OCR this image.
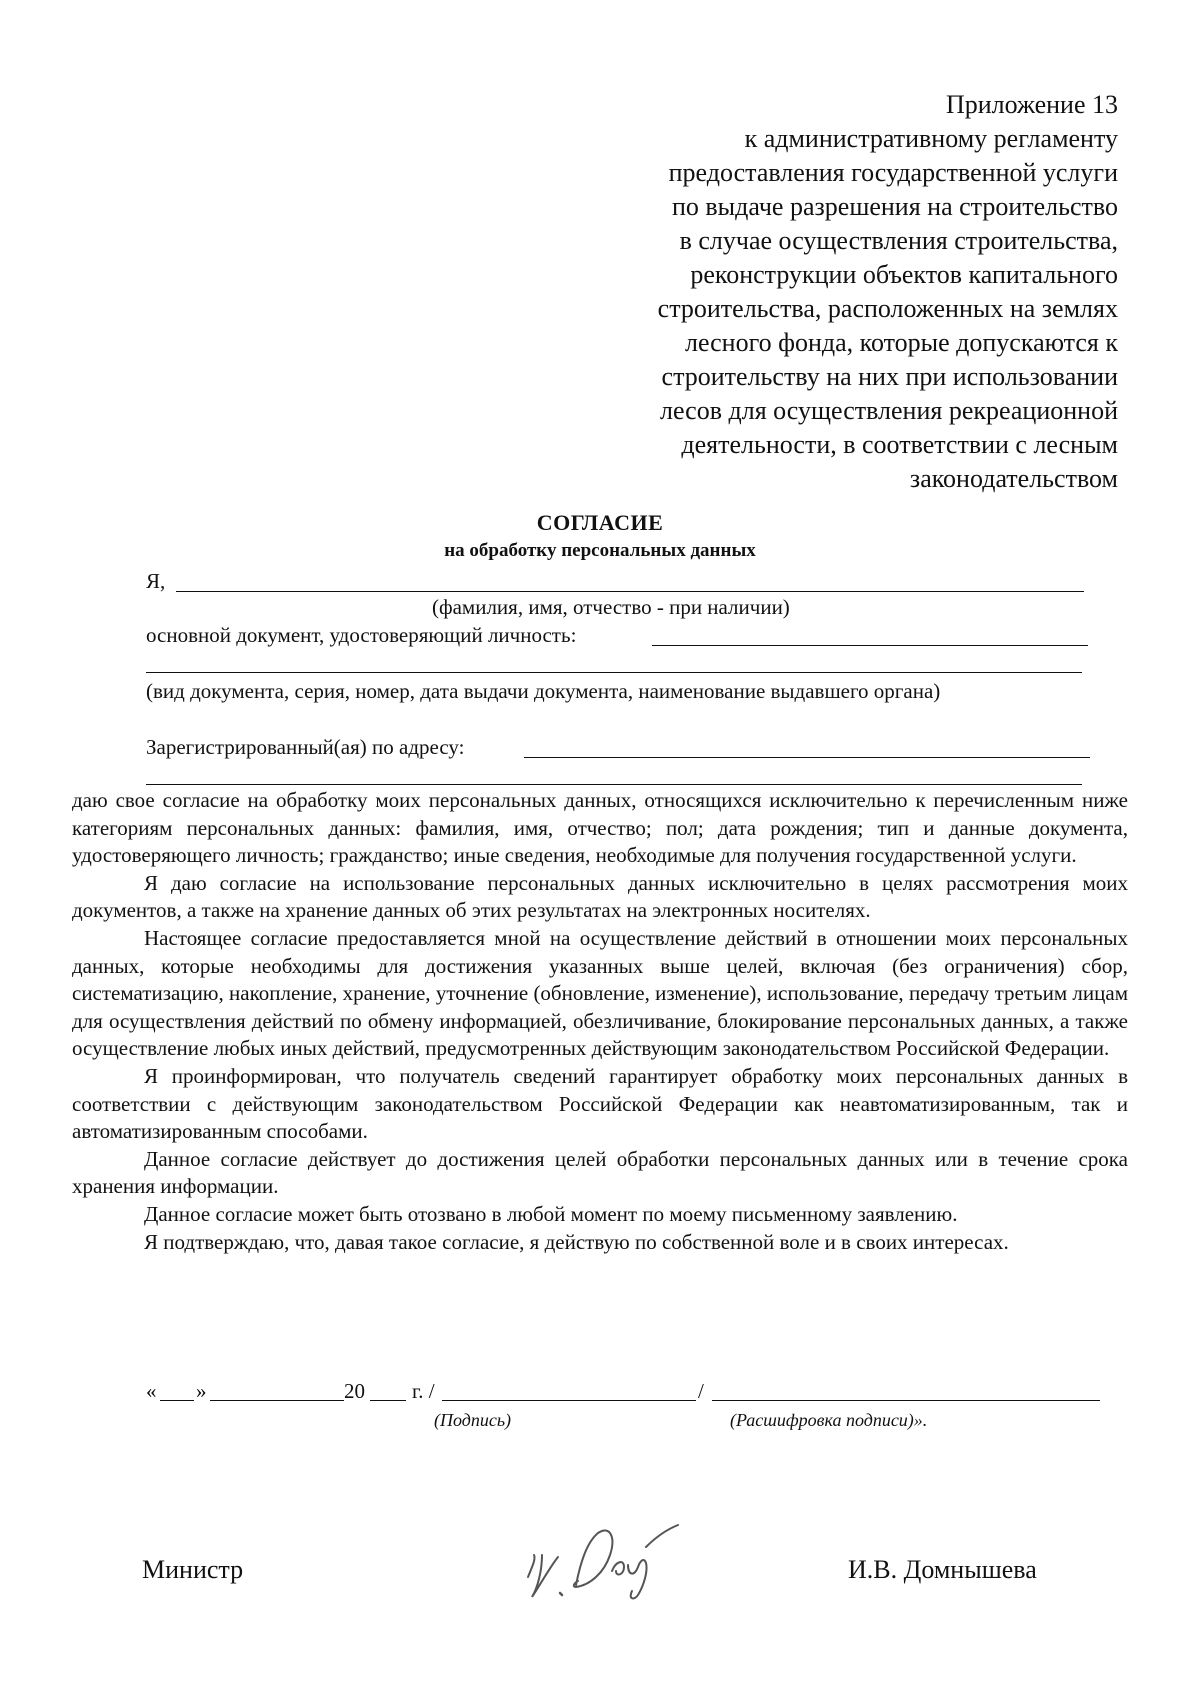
Приложение 13
к административному регламенту
предоставления государственной услуги
по выдаче разрешения на строительство
в случае осуществления строительства,
реконструкции объектов капитального
строительства, расположенных на землях
лесного фонда, которые допускаются к
строительству на них при использовании
лесов для осуществления рекреационной
деятельности, в соответствии с лесным
законодательством
СОГЛАСИЕ
на обработку персональных данных
Я,
(фамилия, имя, отчество - при наличии)
основной документ, удостоверяющий личность:
(вид документа, серия, номер, дата выдачи документа, наименование выдавшего органа)
Зарегистрированный(ая) по адресу:

даю свое согласие на обработку моих персональных данных, относящихся исключительно к перечисленным ниже категориям персональных данных: фамилия, имя, отчество; пол; дата рождения; тип и данные документа, удостоверяющего личность; гражданство; иные сведения, необходимые для получения государственной услуги.

Я даю согласие на использование персональных данных исключительно в целях рассмотрения моих документов, а также на хранение данных об этих результатах на электронных носителях.

Настоящее согласие предоставляется мной на осуществление действий в отношении моих персональных данных, которые необходимы для достижения указанных выше целей, включая (без ограничения) сбор, систематизацию, накопление, хранение, уточнение (обновление, изменение), использование, передачу третьим лицам для осуществления действий по обмену информацией, обезличивание, блокирование персональных данных, а также осуществление любых иных действий, предусмотренных действующим законодательством Российской Федерации.

Я проинформирован, что получатель сведений гарантирует обработку моих персональных данных в соответствии с действующим законодательством Российской Федерации как неавтоматизированным, так и автоматизированным способами.

Данное согласие действует до достижения целей обработки персональных данных или в течение срока хранения информации.

Данное согласие может быть отозвано в любой момент по моему письменному заявлению.

Я подтверждаю, что, давая такое согласие, я действую по собственной воле и в своих интересах.

« »	20 г. /	/
(Подпись)	(Расшифровка подписи)».
Министр	И.В. Домнышева
